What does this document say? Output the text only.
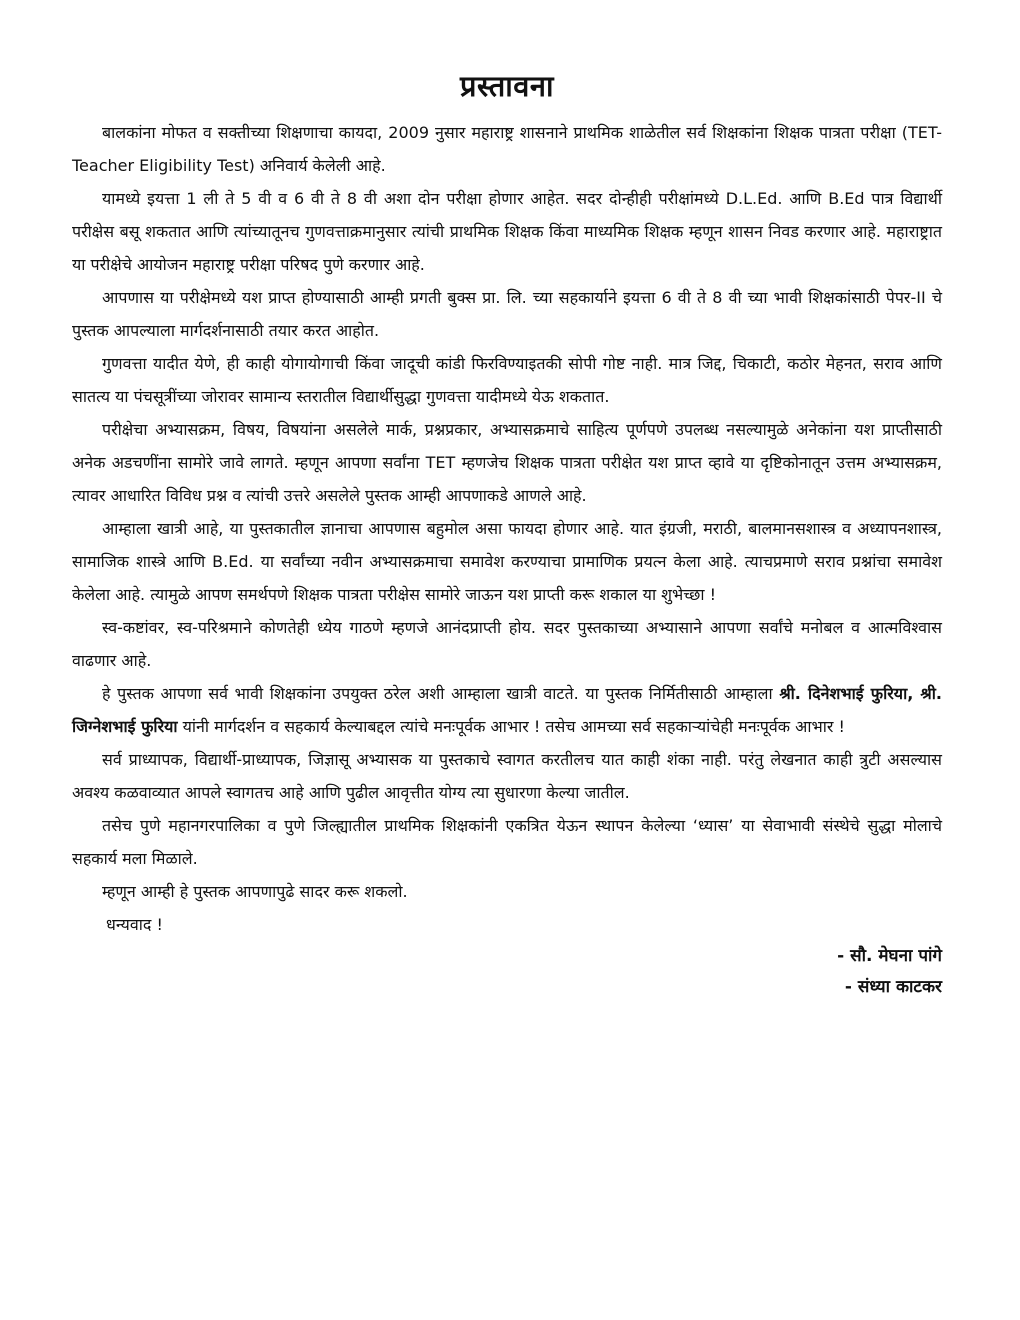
प्रस्तावना

बालकांना मोफत व सक्तीच्या शिक्षणाचा कायदा, 2009 नुसार महाराष्ट्र शासनाने प्राथमिक शाळेतील सर्व शिक्षकांना शिक्षक पात्रता परीक्षा (TET-Teacher Eligibility Test) अनिवार्य केलेली आहे.

यामध्ये इयत्ता 1 ली ते 5 वी व 6 वी ते 8 वी अशा दोन परीक्षा होणार आहेत. सदर दोन्हीही परीक्षांमध्ये D.L.Ed. आणि B.Ed पात्र विद्यार्थी परीक्षेस बसू शकतात आणि त्यांच्यातूनच गुणवत्ताक्रमानुसार त्यांची प्राथमिक शिक्षक किंवा माध्यमिक शिक्षक म्हणून शासन निवड करणार आहे. महाराष्ट्रात या परीक्षेचे आयोजन महाराष्ट्र परीक्षा परिषद पुणे करणार आहे.

आपणास या परीक्षेमध्ये यश प्राप्त होण्यासाठी आम्ही प्रगती बुक्स प्रा. लि. च्या सहकार्याने इयत्ता 6 वी ते 8 वी च्या भावी शिक्षकांसाठी पेपर-II चे पुस्तक आपल्याला मार्गदर्शनासाठी तयार करत आहोत.

गुणवत्ता यादीत येणे, ही काही योगायोगाची किंवा जादूची कांडी फिरविण्याइतकी सोपी गोष्ट नाही. मात्र जिद्द, चिकाटी, कठोर मेहनत, सराव आणि सातत्य या पंचसूत्रींच्या जोरावर सामान्य स्तरातील विद्यार्थीसुद्धा गुणवत्ता यादीमध्ये येऊ शकतात.

परीक्षेचा अभ्यासक्रम, विषय, विषयांना असलेले मार्क, प्रश्नप्रकार, अभ्यासक्रमाचे साहित्य पूर्णपणे उपलब्ध नसल्यामुळे अनेकांना यश प्राप्तीसाठी अनेक अडचणींना सामोरे जावे लागते. म्हणून आपणा सर्वांना TET म्हणजेच शिक्षक पात्रता परीक्षेत यश प्राप्त व्हावे या दृष्टिकोनातून उत्तम अभ्यासक्रम, त्यावर आधारित विविध प्रश्न व त्यांची उत्तरे असलेले पुस्तक आम्ही आपणाकडे आणले आहे.

आम्हाला खात्री आहे, या पुस्तकातील ज्ञानाचा आपणास बहुमोल असा फायदा होणार आहे. यात इंग्रजी, मराठी, बालमानसशास्त्र व अध्यापनशास्त्र, सामाजिक शास्त्रे आणि B.Ed. या सर्वांच्या नवीन अभ्यासक्रमाचा समावेश करण्याचा प्रामाणिक प्रयत्न केला आहे. त्याचप्रमाणे सराव प्रश्नांचा समावेश केलेला आहे. त्यामुळे आपण समर्थपणे शिक्षक पात्रता परीक्षेस सामोरे जाऊन यश प्राप्ती करू शकाल या शुभेच्छा !

स्व-कष्टांवर, स्व-परिश्रमाने कोणतेही ध्येय गाठणे म्हणजे आनंदप्राप्ती होय. सदर पुस्तकाच्या अभ्यासाने आपणा सर्वांचे मनोबल व आत्मविश्वास वाढणार आहे.

हे पुस्तक आपणा सर्व भावी शिक्षकांना उपयुक्त ठरेल अशी आम्हाला खात्री वाटते. या पुस्तक निर्मितीसाठी आम्हाला श्री. दिनेशभाई फुरिया, श्री. जिग्नेशभाई फुरिया यांनी मार्गदर्शन व सहकार्य केल्याबद्दल त्यांचे मनःपूर्वक आभार ! तसेच आमच्या सर्व सहकाऱ्यांचेही मनःपूर्वक आभार !

सर्व प्राध्यापक, विद्यार्थी-प्राध्यापक, जिज्ञासू अभ्यासक या पुस्तकाचे स्वागत करतीलच यात काही शंका नाही. परंतु लेखनात काही त्रुटी असल्यास अवश्य कळवाव्यात आपले स्वागतच आहे आणि पुढील आवृत्तीत योग्य त्या सुधारणा केल्या जातील.

तसेच पुणे महानगरपालिका व पुणे जिल्ह्यातील प्राथमिक शिक्षकांनी एकत्रित येऊन स्थापन केलेल्या ‘ध्यास’ या सेवाभावी संस्थेचे सुद्धा मोलाचे सहकार्य मला मिळाले.

म्हणून आम्ही हे पुस्तक आपणापुढे सादर करू शकलो.

धन्यवाद !

- सौ. मेघना पांगे

- संध्या काटकर
